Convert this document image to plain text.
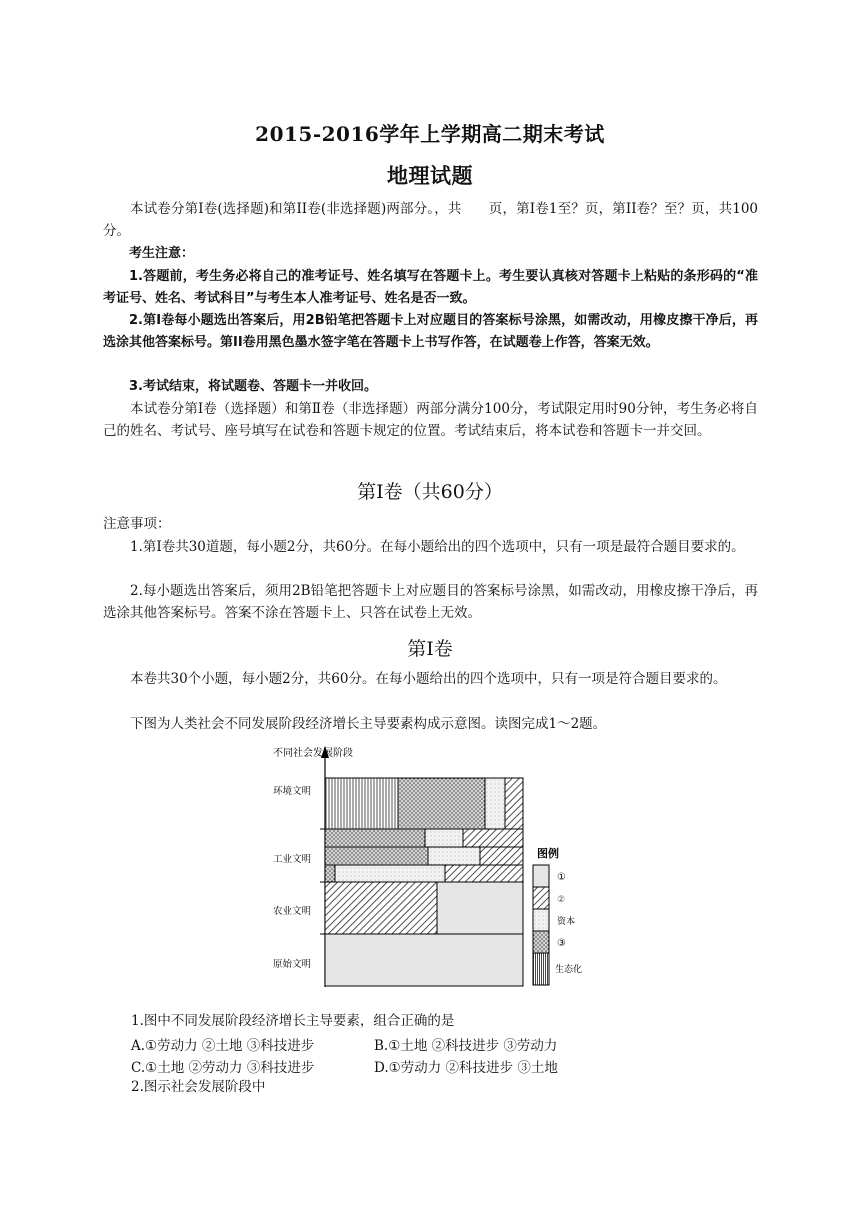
2015-2016学年上学期高二期末考试
地理试题
本试卷分第Ⅰ卷(选择题)和第II卷(非选择题)两部分。，共　　页，第Ⅰ卷1至？页，第II卷？至？页，共100分。
考生注意：
1.答题前，考生务必将自己的准考证号、姓名填写在答题卡上。考生要认真核对答题卡上粘贴的条形码的“准考证号、姓名、考试科目”与考生本人准考证号、姓名是否一致。
2.第Ⅰ卷每小题选出答案后，用2B铅笔把答题卡上对应题目的答案标号涂黑，如需改动，用橡皮擦干净后，再选涂其他答案标号。第II卷用黑色墨水签字笔在答题卡上书写作答，在试题卷上作答，答案无效。
3.考试结束，将试题卷、答题卡一并收回。
本试卷分第Ⅰ卷（选择题）和第Ⅱ卷（非选择题）两部分满分100分，考试限定用时90分钟，考生务必将自己的姓名、考试号、座号填写在试卷和答题卡规定的位置。考试结束后，将本试卷和答题卡一并交回。
第Ⅰ卷（共60分）
注意事项：
1.第Ⅰ卷共30道题，每小题2分，共60分。在每小题给出的四个选项中，只有一项是最符合题目要求的。
2.每小题选出答案后，须用2B铅笔把答题卡上对应题目的答案标号涂黑，如需改动，用橡皮擦干净后，再选涂其他答案标号。答案不涂在答题卡上、只答在试卷上无效。
第Ⅰ卷
本卷共30个小题，每小题2分，共60分。在每小题给出的四个选项中，只有一项是符合题目要求的。
下图为人类社会不同发展阶段经济增长主导要素构成示意图。读图完成1～2题。
不同社会发展阶段
环境文明
工业文明
农业文明
原始文明
图例
①
②
资本
③
生态化
1.图中不同发展阶段经济增长主导要素，组合正确的是
A.①劳动力 ②土地 ③科技进步	B.①土地 ②科技进步 ③劳动力
C.①土地 ②劳动力 ③科技进步	D.①劳动力 ②科技进步 ③土地
2.图示社会发展阶段中
